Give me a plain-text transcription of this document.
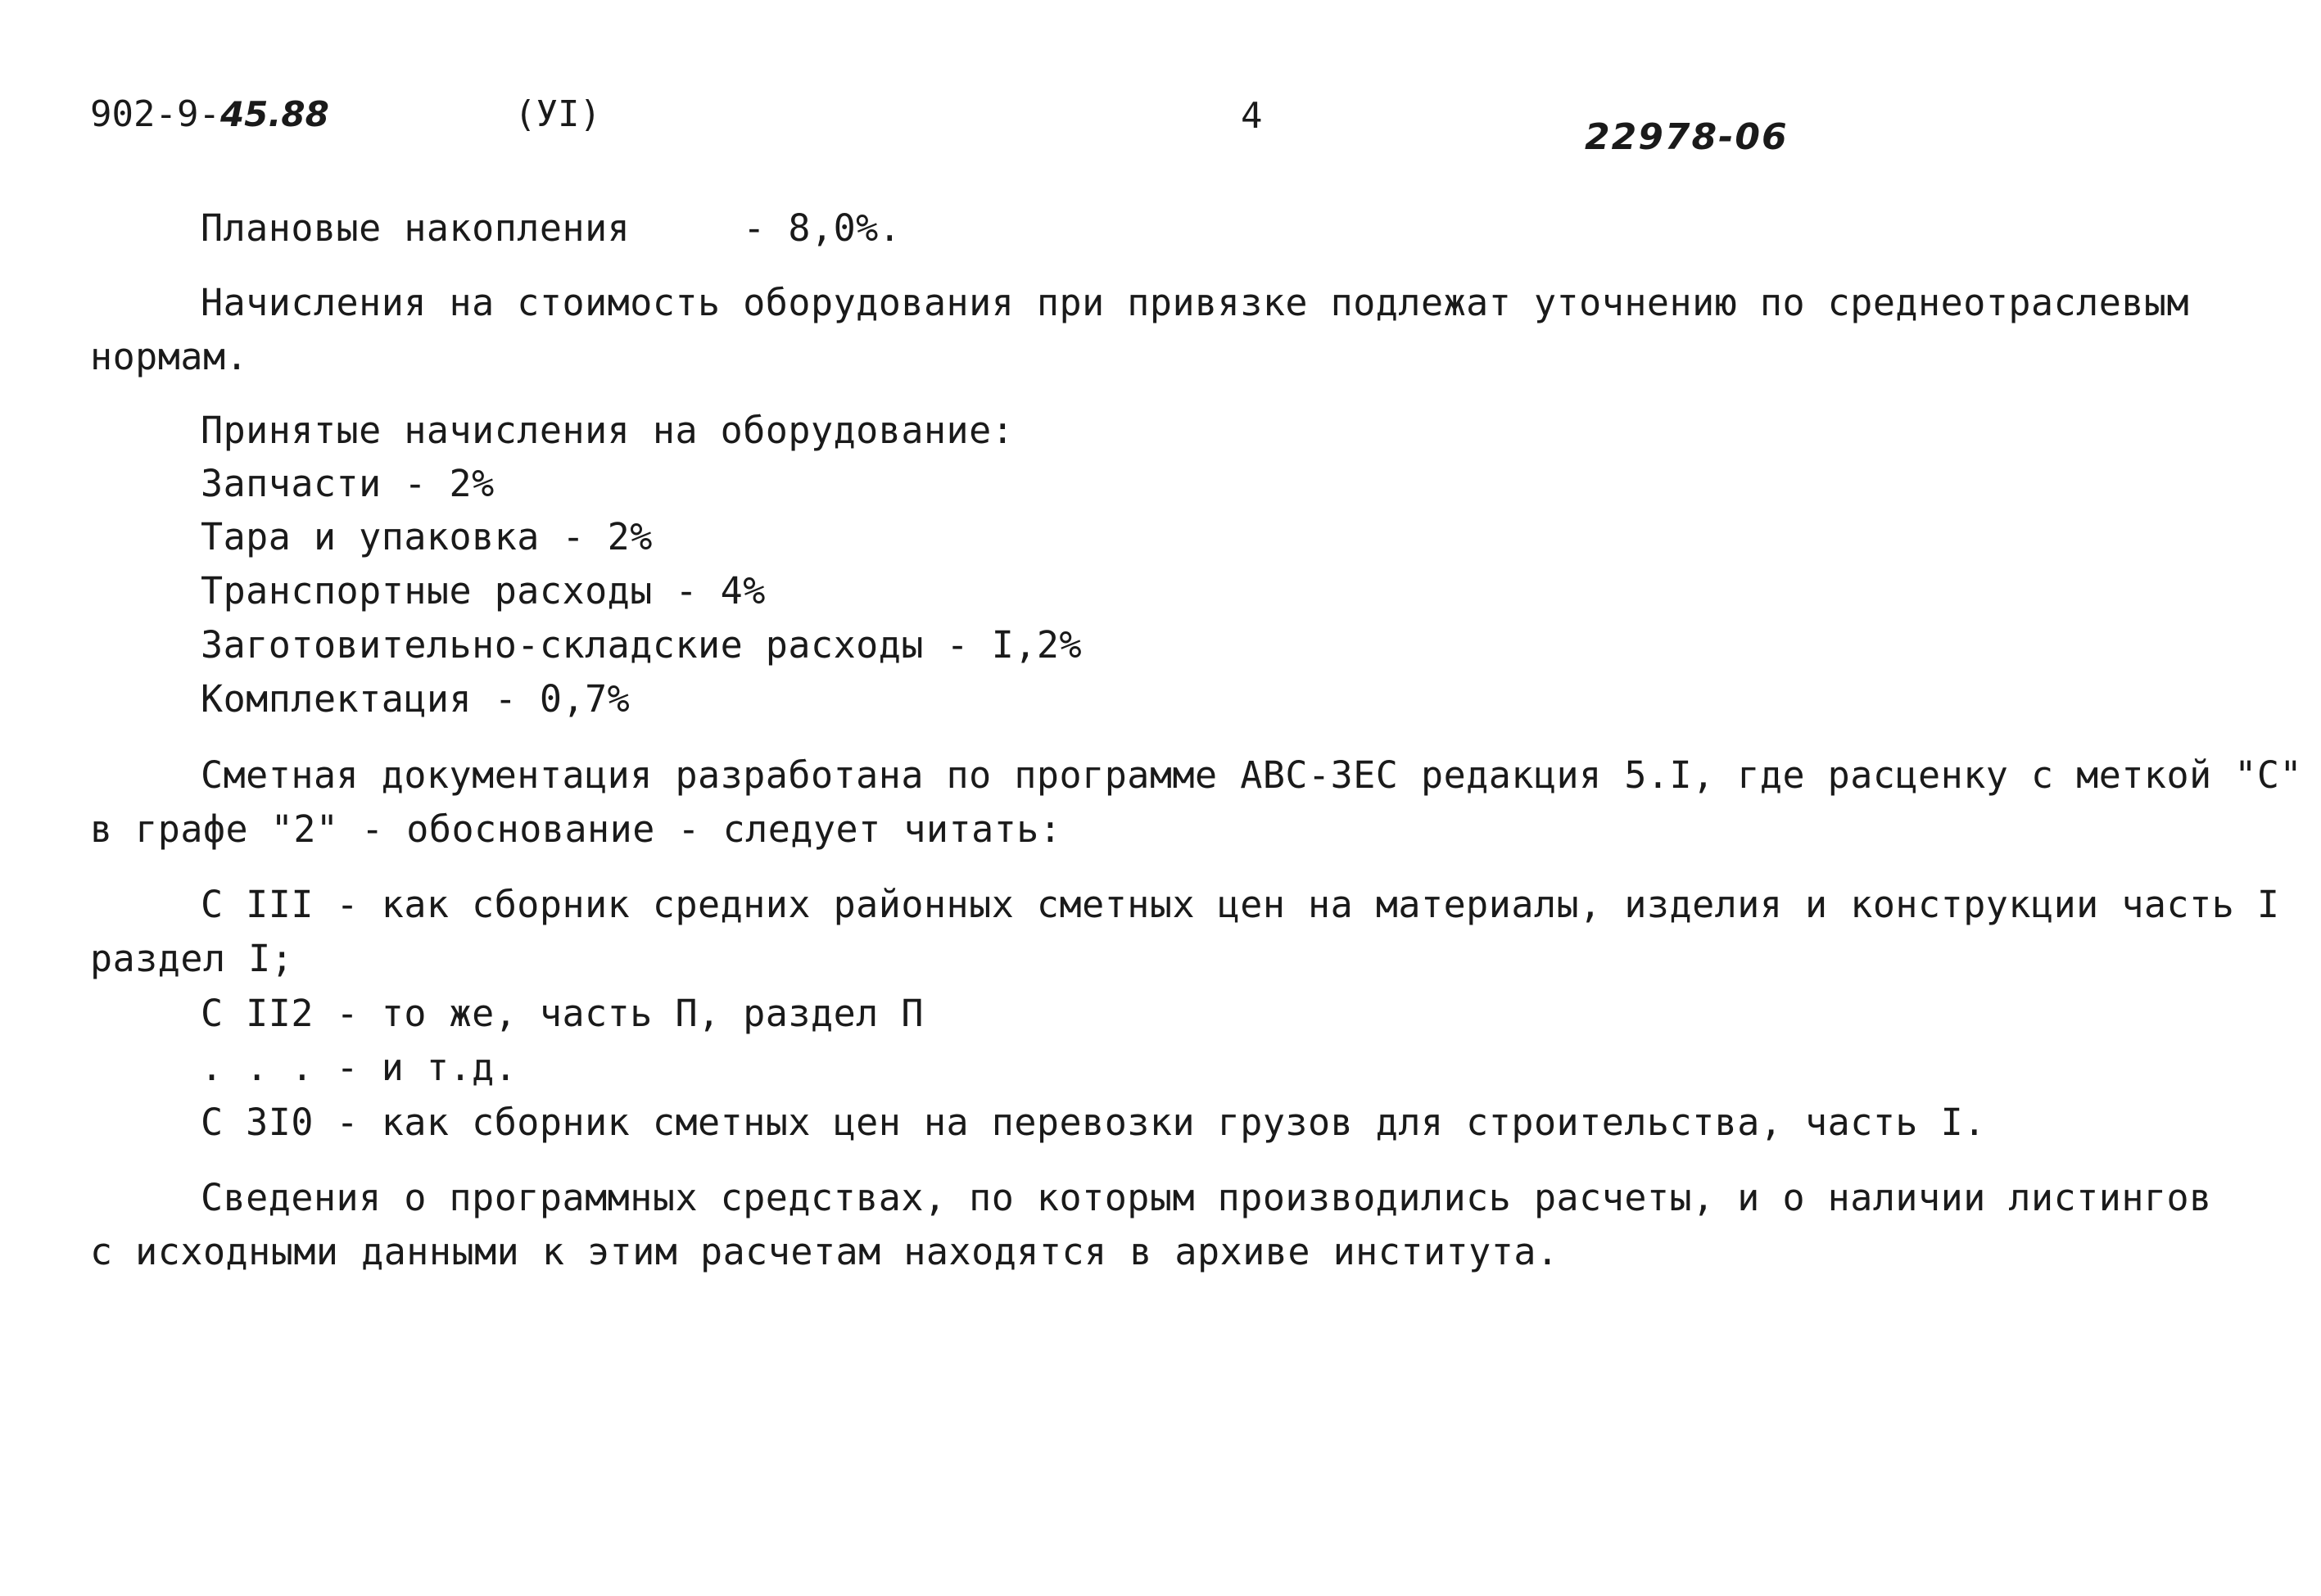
902-9-45.88	(УI)	4
22978-06
Плановые накопления     - 8,0%.
Начисления на стоимость оборудования при привязке подлежат уточнению по среднеотраслевым
нормам.
Принятые начисления на оборудование:
Запчасти - 2%
Тара и упаковка - 2%
Транспортные расходы - 4%
Заготовительно-складские расходы - I,2%
Комплектация - 0,7%
Сметная документация разработана по программе АВС-3ЕС редакция 5.I, где расценку с меткой "С"
в графе "2" - обоснование - следует читать:
С III - как сборник средних районных сметных цен на материалы, изделия и конструкции часть I
раздел I;
С II2 - то же, часть П, раздел П
. . . - и т.д.
С 3I0 - как сборник сметных цен на перевозки грузов для строительства, часть I.
Сведения о программных средствах, по которым производились расчеты, и о наличии листингов
с исходными данными к этим расчетам находятся в архиве института.
